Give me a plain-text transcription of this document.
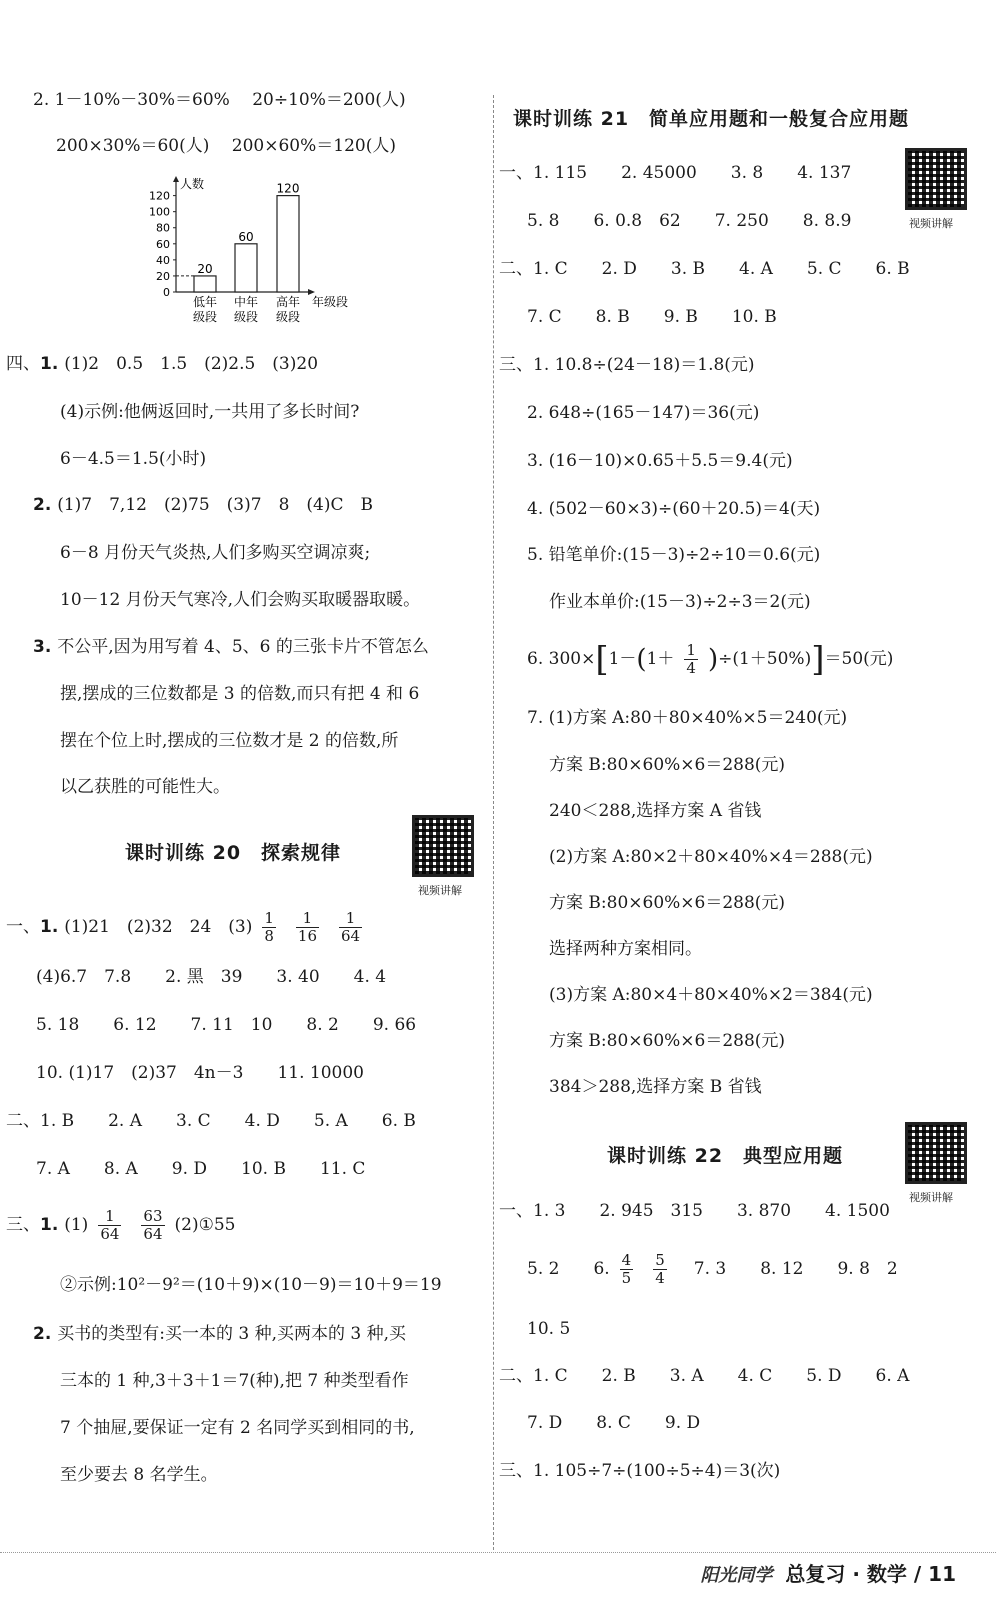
2. 1－10%－30%＝60%　 20÷10%＝200(人)
200×30%＝60(人)　 200×60%＝120(人)
人数
年级段
0
20
40
60
80
100
120
20
低年
级段
60
中年
级段
120
高年
级段
四、1. (1)2　0.5　1.5　(2)2.5　(3)20
(4)示例:他俩返回时,一共用了多长时间?
6－4.5＝1.5(小时)
2. (1)7　7,12　(2)75　(3)7　8　(4)C　B
6－8 月份天气炎热,人们多购买空调凉爽;
10－12 月份天气寒冷,人们会购买取暖器取暖。
3. 不公平,因为用写着 4、5、6 的三张卡片不管怎么
摆,摆成的三位数都是 3 的倍数,而只有把 4 和 6
摆在个位上时,摆成的三位数才是 2 的倍数,所
以乙获胜的可能性大。
课时训练 20　探索规律
视频讲解
一、1. (1)21　(2)32　24　$(3) \frac{1}{8} \frac{1}{16} \frac{1}{64}$
(4)6.7　7.8　　2. 黑　39　　3. 40　　4. 4
5. 18　　6. 12　　7. 11　10　　8. 2　　9. 66
10. (1)17　(2)37　4n－3　　11. 10000
二、1. B　　2. A　　3. C　　4. D　　5. A　　6. B
7. A　　8. A　　9. D　　10. B　　11. C
三、1. $(1) \frac{1}{64} \frac{63}{64}$ (2)①55
②示例:10²－9²＝(10＋9)×(10－9)＝10＋9＝19
2. 买书的类型有:买一本的 3 种,买两本的 3 种,买
三本的 1 种,3＋3＋1＝7(种),把 7 种类型看作
7 个抽屉,要保证一定有 2 名同学买到相同的书,
至少要去 8 名学生。
课时训练 21　简单应用题和一般复合应用题
视频讲解
一、1. 115　　2. 45000　　3. 8　　4. 137
5. 8　　6. 0.8　62　　7. 250　　8. 8.9
二、1. C　　2. D　　3. B　　4. A　　5. C　　6. B
7. C　　8. B　　9. B　　10. B
三、1. 10.8÷(24－18)＝1.8(元)
2. 648÷(165－147)＝36(元)
3. (16－10)×0.65＋5.5＝9.4(元)
4. (502－60×3)÷(60＋20.5)＝4(天)
5. 铅笔单价:(15－3)÷2÷10＝0.6(元)
作业本单价:(15－3)÷2÷3＝2(元)
6. $300\times[1-(1+ \frac{1}{4} )\div(1+50\%)]=50$(元)
7. (1)方案 A:80＋80×40%×5＝240(元)
方案 B:80×60%×6＝288(元)
240＜288,选择方案 A 省钱
(2)方案 A:80×2＋80×40%×4＝288(元)
方案 B:80×60%×6＝288(元)
选择两种方案相同。
(3)方案 A:80×4＋80×40%×2＝384(元)
方案 B:80×60%×6＝288(元)
384＞288,选择方案 B 省钱
课时训练 22　典型应用题
视频讲解
一、1. 3　　2. 945　315　　3. 870　　4. 1500
5. 2　　6. $\frac{4}{5} \frac{5}{4}$
　 7. 3　　8. 12　　9. 8　2
10. 5
二、1. C　　2. B　　3. A　　4. C　　5. D　　6. A
7. D　　8. C　　9. D
三、1. 105÷7÷(100÷5÷4)＝3(次)
阳光同学 总复习 · 数学 / 11
